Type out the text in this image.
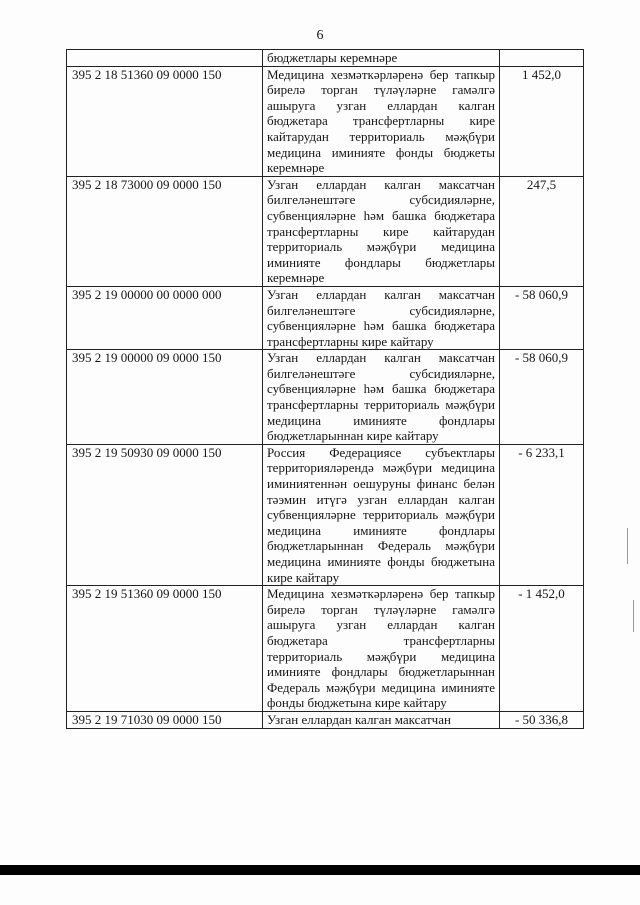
6
	бюджетлары керемнәре	
395 2 18 51360 09 0000 150	Медицина хезмәткәрләренә бер тапкыр бирелә торган түләүләрне гамәлгә ашыруга узган еллардан калган бюджетара трансфертларны кире кайтарудан территориаль мәҗбүри медицина иминияте фонды бюджеты керемнәре	1 452,0
395 2 18 73000 09 0000 150	Узган еллардан калган максатчан билгеләнештәге субсидияләрне, субвенцияләрне һәм башка бюджетара трансфертларны кире кайтарудан территориаль мәҗбүри медицина иминияте фондлары бюджетлары керемнәре	247,5
395 2 19 00000 00 0000 000	Узган еллардан калган максатчан билгеләнештәге субсидияләрне, субвенцияләрне һәм башка бюджетара трансфертларны кире кайтару	- 58 060,9
395 2 19 00000 09 0000 150	Узган еллардан калган максатчан билгеләнештәге субсидияләрне, субвенцияләрне һәм башка бюджетара трансфертларны территориаль мәҗбүри медицина иминияте фондлары бюджетларыннан кире кайтару	- 58 060,9
395 2 19 50930 09 0000 150	Россия Федерациясе субъектлары территорияләрендә мәҗбүри медицина иминиятеннән оешуруны финанс белән тәэмин итүгә узган еллардан калган субвенцияләрне территориаль мәҗбүри медицина иминияте фондлары бюджетларыннан Федераль мәҗбүри медицина иминияте фонды бюджетына кире кайтару	- 6 233,1
395 2 19 51360 09 0000 150	Медицина хезмәткәрләренә бер тапкыр бирелә торган түләүләрне гамәлгә ашыруга узган еллардан калган бюджетара трансфертларны территориаль мәҗбүри медицина иминияте фондлары бюджетларыннан Федераль мәҗбүри медицина иминияте фонды бюджетына кире кайтару	- 1 452,0
395 2 19 71030 09 0000 150	Узган еллардан калган максатчан	- 50 336,8
